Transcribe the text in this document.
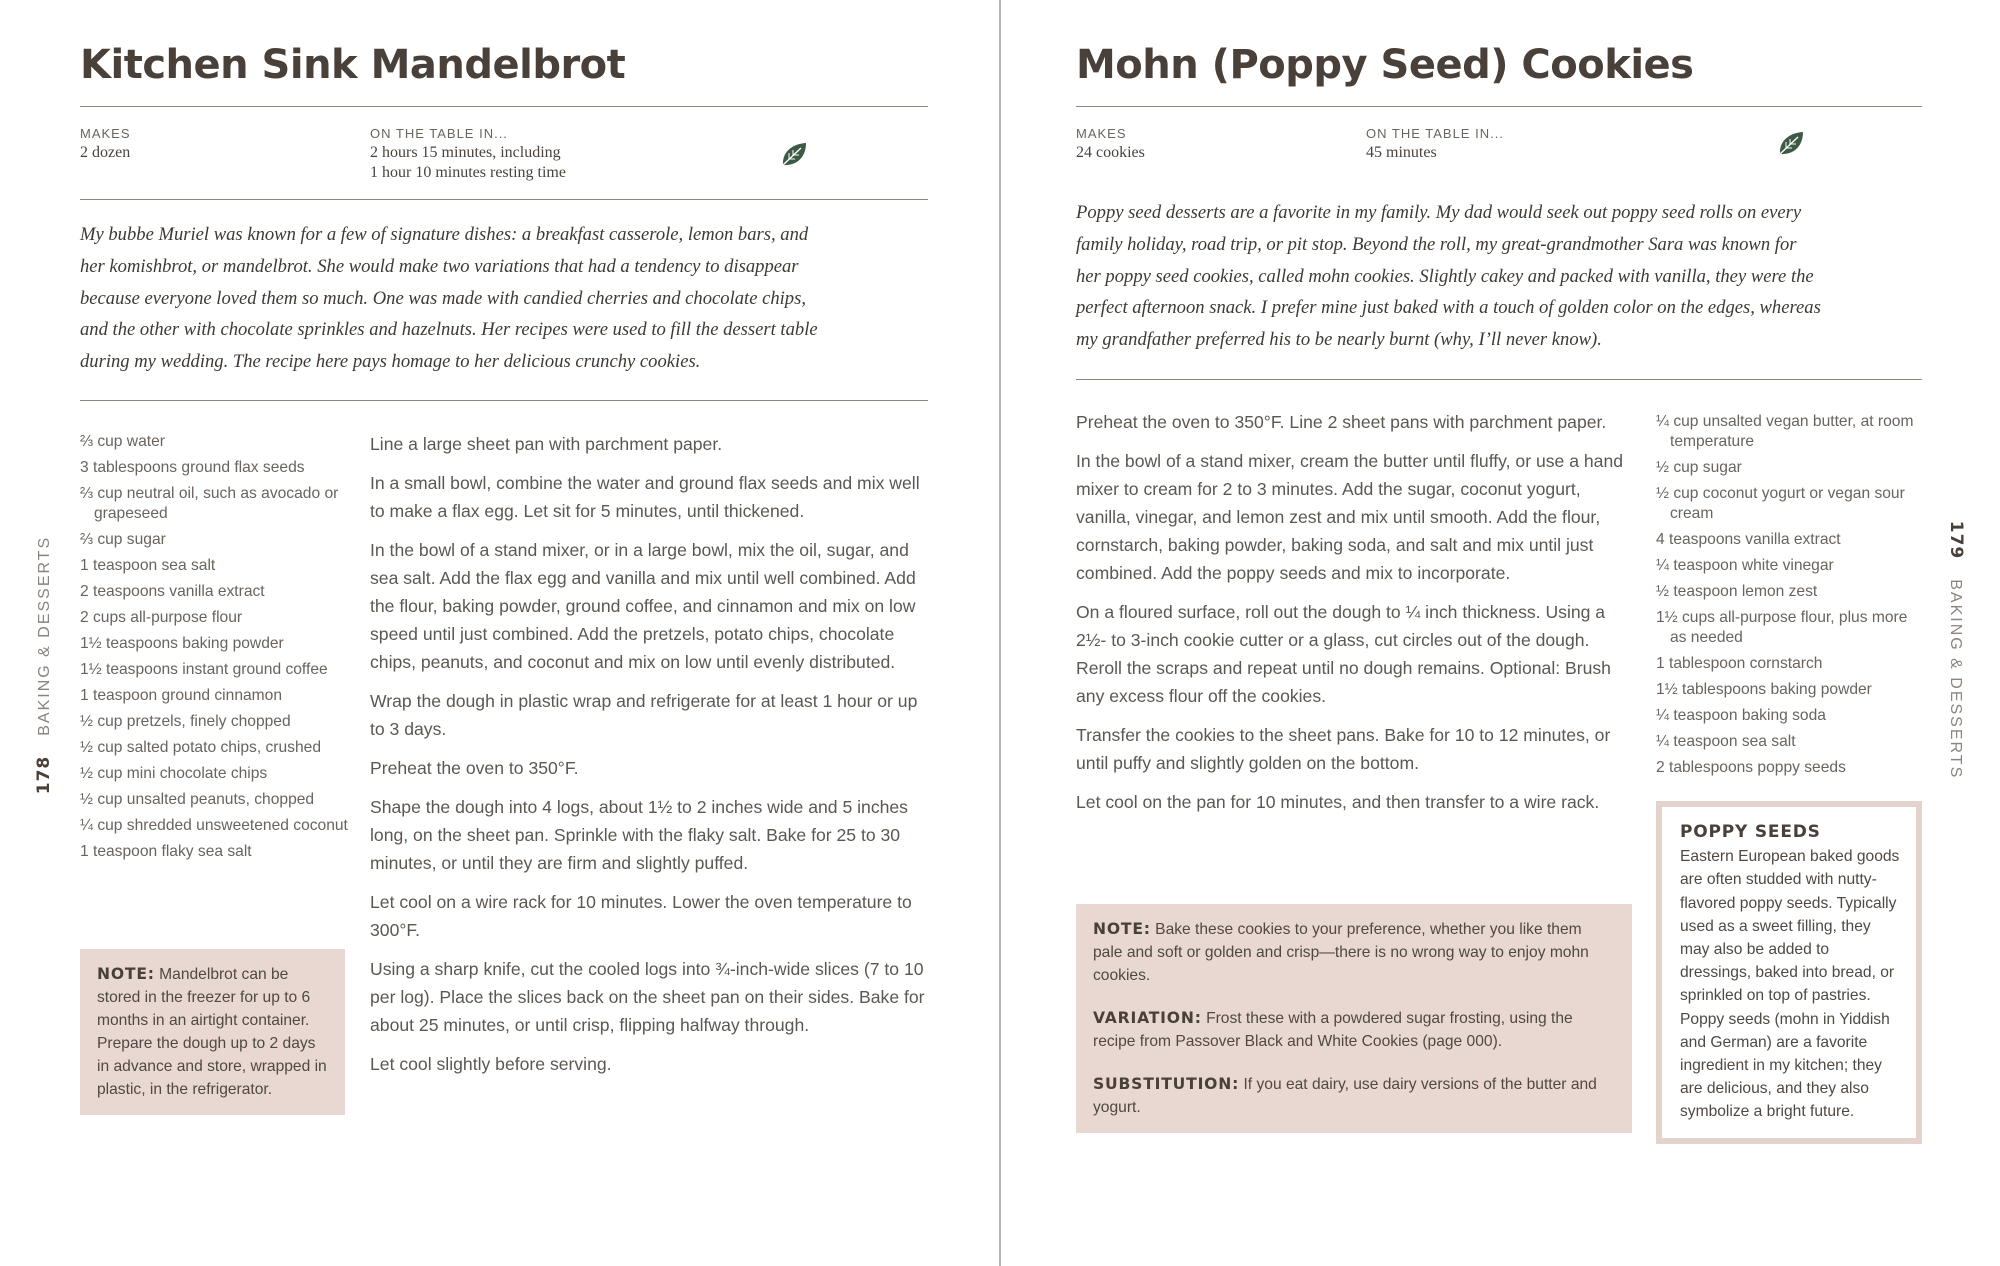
Kitchen Sink Mandelbrot
MAKES
2 dozen
ON THE TABLE IN...
2 hours 15 minutes, including
1 hour 10 minutes resting time
My bubbe Muriel was known for a few of signature dishes: a breakfast casserole, lemon bars, and
her komishbrot, or mandelbrot. She would make two variations that had a tendency to disappear
because everyone loved them so much. One was made with candied cherries and chocolate chips,
and the other with chocolate sprinkles and hazelnuts. Her recipes were used to fill the dessert table
during my wedding. The recipe here pays homage to her delicious crunchy cookies.
⅔ cup water
3 tablespoons ground flax seeds
⅔ cup neutral oil, such as avocado or grapeseed
⅔ cup sugar
1 teaspoon sea salt
2 teaspoons vanilla extract
2 cups all-purpose flour
1½ teaspoons baking powder
1½ teaspoons instant ground coffee
1 teaspoon ground cinnamon
½ cup pretzels, finely chopped
½ cup salted potato chips, crushed
½ cup mini chocolate chips
½ cup unsalted peanuts, chopped
¼ cup shredded unsweetened coconut
1 teaspoon flaky sea salt

NOTE: Mandelbrot can be stored in the freezer for up to 6 months in an airtight container. Prepare the dough up to 2 days in advance and store, wrapped in plastic, in the refrigerator.

Line a large sheet pan with parchment paper.

In a small bowl, combine the water and ground flax seeds and mix well to make a flax egg. Let sit for 5 minutes, until thickened.

In the bowl of a stand mixer, or in a large bowl, mix the oil, sugar, and sea salt. Add the flax egg and vanilla and mix until well combined. Add the flour, baking powder, ground coffee, and cinnamon and mix on low speed until just combined. Add the pretzels, potato chips, chocolate chips, peanuts, and coconut and mix on low until evenly distributed.

Wrap the dough in plastic wrap and refrigerate for at least 1 hour or up to 3 days.

Preheat the oven to 350°F.

Shape the dough into 4 logs, about 1½ to 2 inches wide and 5 inches long, on the sheet pan. Sprinkle with the flaky salt. Bake for 25 to 30 minutes, or until they are firm and slightly puffed.

Let cool on a wire rack for 10 minutes. Lower the oven temperature to 300°F.

Using a sharp knife, cut the cooled logs into ¾-inch-wide slices (7 to 10 per log). Place the slices back on the sheet pan on their sides. Bake for about 25 minutes, or until crisp, flipping halfway through.

Let cool slightly before serving.

178BAKING & DESSERTS
Mohn (Poppy Seed) Cookies
MAKES
24 cookies
ON THE TABLE IN...
45 minutes
Poppy seed desserts are a favorite in my family. My dad would seek out poppy seed rolls on every
family holiday, road trip, or pit stop. Beyond the roll, my great-grandmother Sara was known for
her poppy seed cookies, called mohn cookies. Slightly cakey and packed with vanilla, they were the
perfect afternoon snack. I prefer mine just baked with a touch of golden color on the edges, whereas
my grandfather preferred his to be nearly burnt (why, I’ll never know).

Preheat the oven to 350°F. Line 2 sheet pans with parchment paper.

In the bowl of a stand mixer, cream the butter until fluffy, or use a hand mixer to cream for 2 to 3 minutes. Add the sugar, coconut yogurt, vanilla, vinegar, and lemon zest and mix until smooth. Add the flour, cornstarch, baking powder, baking soda, and salt and mix until just combined. Add the poppy seeds and mix to incorporate.

On a floured surface, roll out the dough to ¼ inch thickness. Using a 2½- to 3-inch cookie cutter or a glass, cut circles out of the dough. Reroll the scraps and repeat until no dough remains. Optional: Brush any excess flour off the cookies.

Transfer the cookies to the sheet pans. Bake for 10 to 12 minutes, or until puffy and slightly golden on the bottom.

Let cool on the pan for 10 minutes, and then transfer to a wire rack.

NOTE: Bake these cookies to your preference, whether you like them pale and soft or golden and crisp—there is no wrong way to enjoy mohn cookies.

VARIATION: Frost these with a powdered sugar frosting, using the recipe from Passover Black and White Cookies (page 000).

SUBSTITUTION: If you eat dairy, use dairy versions of the butter and yogurt.

¼ cup unsalted vegan butter, at room temperature
½ cup sugar
½ cup coconut yogurt or vegan sour cream
4 teaspoons vanilla extract
¼ teaspoon white vinegar
½ teaspoon lemon zest
1½ cups all-purpose flour, plus more as needed
1 tablespoon cornstarch
1½ tablespoons baking powder
¼ teaspoon baking soda
¼ teaspoon sea salt
2 tablespoons poppy seeds
POPPY SEEDS
Eastern European baked goods are often studded with nutty-flavored poppy seeds. Typically used as a sweet filling, they may also be added to dressings, baked into bread, or sprinkled on top of pastries. Poppy seeds (mohn in Yiddish and German) are a favorite ingredient in my kitchen; they are delicious, and they also symbolize a bright future.
179BAKING & DESSERTS
